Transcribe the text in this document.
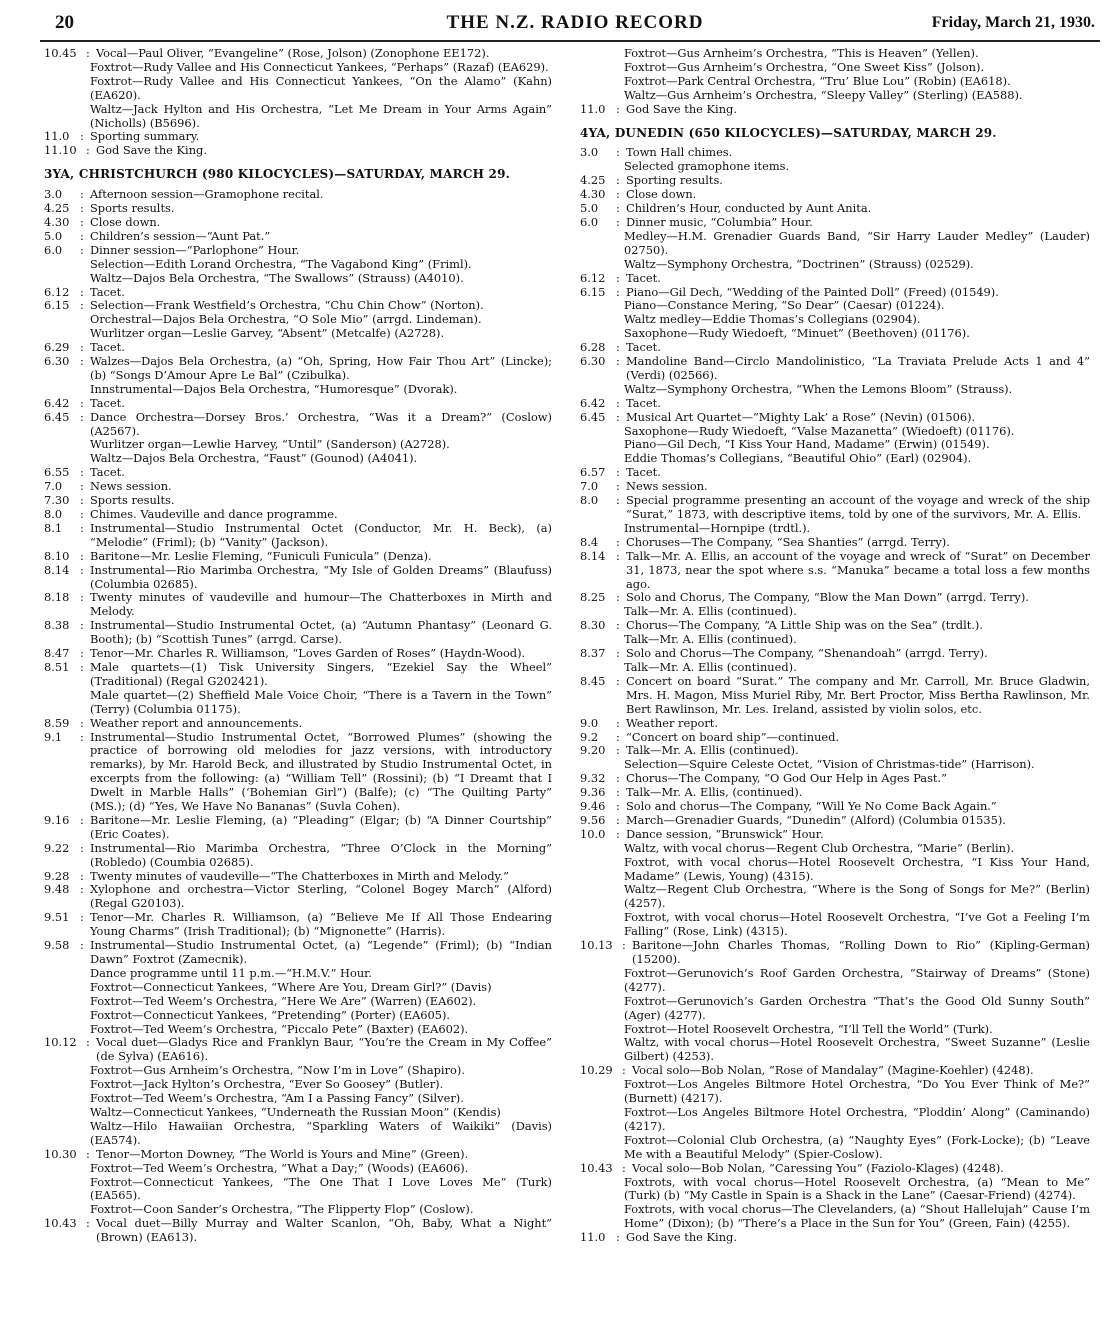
20	THE N.Z. RADIO RECORD	Friday, March 21, 1930.
10.45 : Vocal—Paul Oliver, “Evangeline” (Rose, Jolson) (Zonophone EE172).
Foxtrot—Rudy Vallee and His Connecticut Yankees, “Perhaps” (Razaf) (EA629).
Foxtrot—Rudy Vallee and His Connecticut Yankees, “On the Alamo” (Kahn) (EA620).
Waltz—Jack Hylton and His Orchestra, “Let Me Dream in Your Arms Again” (Nicholls) (B5696).
11.0 : Sporting summary.
11.10 : God Save the King.
3YA, CHRISTCHURCH (980 KILOCYCLES)—SATURDAY, MARCH 29.
3.0	: Afternoon session—Gramophone recital.
4.25 : Sports results.
4.30 : Close down.
5.0	: Children’s session—“Aunt Pat.”
6.0	: Dinner session—“Parlophone” Hour.
Selection—Edith Lorand Orchestra, “The Vagabond King” (Friml).
Waltz—Dajos Bela Orchestra, “The Swallows” (Strauss) (A4010).
6.12 : Tacet.
6.15 : Selection—Frank Westfield’s Orchestra, “Chu Chin Chow” (Norton).
Orchestral—Dajos Bela Orchestra, “O Sole Mio” (arrgd. Lindeman).
Wurlitzer organ—Leslie Garvey, “Absent” (Metcalfe) (A2728).
6.29 : Tacet.
6.30 : Walzes—Dajos Bela Orchestra, (a) “Oh, Spring, How Fair Thou Art” (Lincke); (b) “Songs D’Amour Apre Le Bal” (Czibulka).
Innstrumental—Dajos Bela Orchestra, “Humoresque” (Dvorak).
6.42 : Tacet.
6.45 : Dance Orchestra—Dorsey Bros.’ Orchestra, “Was it a Dream?” (Coslow) (A2567).
Wurlitzer organ—Lewlie Harvey, “Until” (Sanderson) (A2728).
Waltz—Dajos Bela Orchestra, “Faust” (Gounod) (A4041).
6.55 : Tacet.
7.0	: News session.
7.30 : Sports results.
8.0	: Chimes. Vaudeville and dance programme.
8.1	: Instrumental—Studio Instrumental Octet (Conductor, Mr. H. Beck), (a) “Melodie” (Friml); (b) “Vanity” (Jackson).
8.10 : Baritone—Mr. Leslie Fleming, “Funiculi Funicula” (Denza).
8.14 : Instrumental—Rio Marimba Orchestra, “My Isle of Golden Dreams” (Blaufuss) (Columbia 02685).
8.18 : Twenty minutes of vaudeville and humour—The Chatterboxes in Mirth and Melody.
8.38 : Instrumental—Studio Instrumental Octet, (a) “Autumn Phantasy” (Leonard G. Booth); (b) “Scottish Tunes” (arrgd. Carse).
8.47 : Tenor—Mr. Charles R. Williamson, “Loves Garden of Roses” (Haydn-Wood).
8.51 : Male quartets—(1) Tisk University Singers, “Ezekiel Say the Wheel” (Traditional) (Regal G202421).
Male quartet—(2) Sheffield Male Voice Choir, “There is a Tavern in the Town” (Terry) (Columbia 01175).
8.59 : Weather report and announcements.
9.1	: Instrumental—Studio Instrumental Octet, “Borrowed Plumes” (showing the practice of borrowing old melodies for jazz versions, with introductory remarks), by Mr. Harold Beck, and illustrated by Studio Instrumental Octet, in excerpts from the following: (a) “William Tell” (Rossini); (b) “I Dreamt that I Dwelt in Marble Halls” (‘Bohemian Girl”) (Balfe); (c) “The Quilting Party” (MS.); (d) “Yes, We Have No Bananas” (Suvla Cohen).
9.16 : Baritone—Mr. Leslie Fleming, (a) “Pleading” (Elgar; (b) “A Dinner Courtship” (Eric Coates).
9.22 : Instrumental—Rio Marimba Orchestra, “Three O’Clock in the Morning” (Robledo) (Coumbia 02685).
9.28 : Twenty minutes of vaudeville—“The Chatterboxes in Mirth and Melody.”
9.48 : Xylophone and orchestra—Victor Sterling, “Colonel Bogey March” (Alford) (Regal G20103).
9.51 : Tenor—Mr. Charles R. Williamson, (a) “Believe Me If All Those Endearing Young Charms” (Irish Traditional); (b) “Mignonette” (Harris).
9.58 : Instrumental—Studio Instrumental Octet, (a) “Legende” (Friml); (b) “Indian Dawn” Foxtrot (Zamecnik).
Dance programme until 11 p.m.—“H.M.V.” Hour.
Foxtrot—Connecticut Yankees, “Where Are You, Dream Girl?” (Davis)
Foxtrot—Ted Weem’s Orchestra, “Here We Are” (Warren) (EA602).
Foxtrot—Connecticut Yankees, “Pretending” (Porter) (EA605).
Foxtrot—Ted Weem’s Orchestra, “Piccalo Pete” (Baxter) (EA602).
10.12 : Vocal duet—Gladys Rice and Franklyn Baur, “You’re the Cream in My Coffee” (de Sylva) (EA616).
Foxtrot—Gus Arnheim’s Orchestra, “Now I’m in Love” (Shapiro).
Foxtrot—Jack Hylton’s Orchestra, “Ever So Goosey” (Butler).
Foxtrot—Ted Weem’s Orchestra, “Am I a Passing Fancy” (Silver).
Waltz—Connecticut Yankees, “Underneath the Russian Moon” (Kendis)
Waltz—Hilo Hawaiian Orchestra, “Sparkling Waters of Waikiki” (Davis) (EA574).
10.30 : Tenor—Morton Downey, “The World is Yours and Mine” (Green).
Foxtrot—Ted Weem’s Orchestra, “What a Day;” (Woods) (EA606).
Foxtrot—Connecticut Yankees, “The One That I Love Loves Me” (Turk) (EA565).
Foxtrot—Coon Sander’s Orchestra, “The Flipperty Flop” (Coslow).
10.43 : Vocal duet—Billy Murray and Walter Scanlon, “Oh, Baby, What a Night” (Brown) (EA613).
Foxtrot—Gus Arnheim’s Orchestra, “This is Heaven” (Yellen).
Foxtrot—Gus Arnheim’s Orchestra, “One Sweet Kiss” (Jolson).
Foxtrot—Park Central Orchestra, “Tru’ Blue Lou” (Robin) (EA618).
Waltz—Gus Arnheim’s Orchestra, “Sleepy Valley” (Sterling) (EA588).
11.0 : God Save the King.
4YA, DUNEDIN (650 KILOCYCLES)—SATURDAY, MARCH 29.
3.0	: Town Hall chimes.
Selected gramophone items.
4.25 : Sporting results.
4.30 : Close down.
5.0	: Children’s Hour, conducted by Aunt Anita.
6.0	: Dinner music, “Columbia” Hour.
Medley—H.M. Grenadier Guards Band, “Sir Harry Lauder Medley” (Lauder) 02750).
Waltz—Symphony Orchestra, “Doctrinen” (Strauss) (02529).
6.12 : Tacet.
6.15 : Piano—Gil Dech, “Wedding of the Painted Doll” (Freed) (01549).
Piano—Constance Mering, “So Dear” (Caesar) (01224).
Waltz medley—Eddie Thomas’s Collegians (02904).
Saxophone—Rudy Wiedoeft, “Minuet” (Beethoven) (01176).
6.28 : Tacet.
6.30 : Mandoline Band—Circlo Mandolinistico, “La Traviata Prelude Acts 1 and 4” (Verdi) (02566).
Waltz—Symphony Orchestra, “When the Lemons Bloom” (Strauss).
6.42 : Tacet.
6.45 : Musical Art Quartet—“Mighty Lak’ a Rose” (Nevin) (01506).
Saxophone—Rudy Wiedoeft, “Valse Mazanetta” (Wiedoeft) (01176).
Piano—Gil Dech, “I Kiss Your Hand, Madame” (Erwin) (01549).
Eddie Thomas’s Collegians, “Beautiful Ohio” (Earl) (02904).
6.57 : Tacet.
7.0	: News session.
8.0	: Special programme presenting an account of the voyage and wreck of the ship “Surat,” 1873, with descriptive items, told by one of the survivors, Mr. A. Ellis.
Instrumental—Hornpipe (trdtl.).
8.4	: Choruses—The Company, “Sea Shanties” (arrgd. Terry).
8.14 : Talk—Mr. A. Ellis, an account of the voyage and wreck of “Surat” on December 31, 1873, near the spot where s.s. “Manuka” became a total loss a few months ago.
8.25 : Solo and Chorus, The Company, “Blow the Man Down” (arrgd. Terry).
Talk—Mr. A. Ellis (continued).
8.30 : Chorus—The Company, “A Little Ship was on the Sea” (trdlt.).
Talk—Mr. A. Ellis (continued).
8.37 : Solo and Chorus—The Company, “Shenandoah” (arrgd. Terry).
Talk—Mr. A. Ellis (continued).
8.45 : Concert on board “Surat.” The company and Mr. Carroll, Mr. Bruce Gladwin, Mrs. H. Magon, Miss Muriel Riby, Mr. Bert Proctor, Miss Bertha Rawlinson, Mr. Bert Rawlinson, Mr. Les. Ireland, assisted by violin solos, etc.
9.0	: Weather report.
9.2	: “Concert on board ship”—continued.
9.20 : Talk—Mr. A. Ellis (continued).
Selection—Squire Celeste Octet, “Vision of Christmas-tide” (Harrison).
9.32 : Chorus—The Company, “O God Our Help in Ages Past.”
9.36 : Talk—Mr. A. Ellis, (continued).
9.46 : Solo and chorus—The Company, “Will Ye No Come Back Again.”
9.56 : March—Grenadier Guards, “Dunedin” (Alford) (Columbia 01535).
10.0 : Dance session, “Brunswick” Hour.
Waltz, with vocal chorus—Regent Club Orchestra, “Marie” (Berlin).
Foxtrot, with vocal chorus—Hotel Roosevelt Orchestra, “I Kiss Your Hand, Madame” (Lewis, Young) (4315).
Waltz—Regent Club Orchestra, “Where is the Song of Songs for Me?” (Berlin) (4257).
Foxtrot, with vocal chorus—Hotel Roosevelt Orchestra, “I’ve Got a Feeling I’m Falling” (Rose, Link) (4315).
10.13 : Baritone—John Charles Thomas, “Rolling Down to Rio” (Kipling-German) (15200).
Foxtrot—Gerunovich’s Roof Garden Orchestra, “Stairway of Dreams” (Stone) (4277).
Foxtrot—Gerunovich’s Garden Orchestra “That’s the Good Old Sunny South” (Ager) (4277).
Foxtrot—Hotel Roosevelt Orchestra, “I’ll Tell the World” (Turk).
Waltz, with vocal chorus—Hotel Roosevelt Orchestra, “Sweet Suzanne” (Leslie Gilbert) (4253).
10.29 : Vocal solo—Bob Nolan, “Rose of Mandalay” (Magine-Koehler) (4248).
Foxtrot—Los Angeles Biltmore Hotel Orchestra, “Do You Ever Think of Me?” (Burnett) (4217).
Foxtrot—Los Angeles Biltmore Hotel Orchestra, “Ploddin’ Along” (Caminando) (4217).
Foxtrot—Colonial Club Orchestra, (a) “Naughty Eyes” (Fork-Locke); (b) “Leave Me with a Beautiful Melody” (Spier-Coslow).
10.43 : Vocal solo—Bob Nolan, “Caressing You” (Faziolo-Klages) (4248).
Foxtrots, with vocal chorus—Hotel Roosevelt Orchestra, (a) “Mean to Me” (Turk) (b) “My Castle in Spain is a Shack in the Lane” (Caesar-Friend) (4274).
Foxtrots, with vocal chorus—The Clevelanders, (a) “Shout Hallelujah” Cause I’m Home” (Dixon); (b) “There’s a Place in the Sun for You” (Green, Fain) (4255).
11.0 : God Save the King.
